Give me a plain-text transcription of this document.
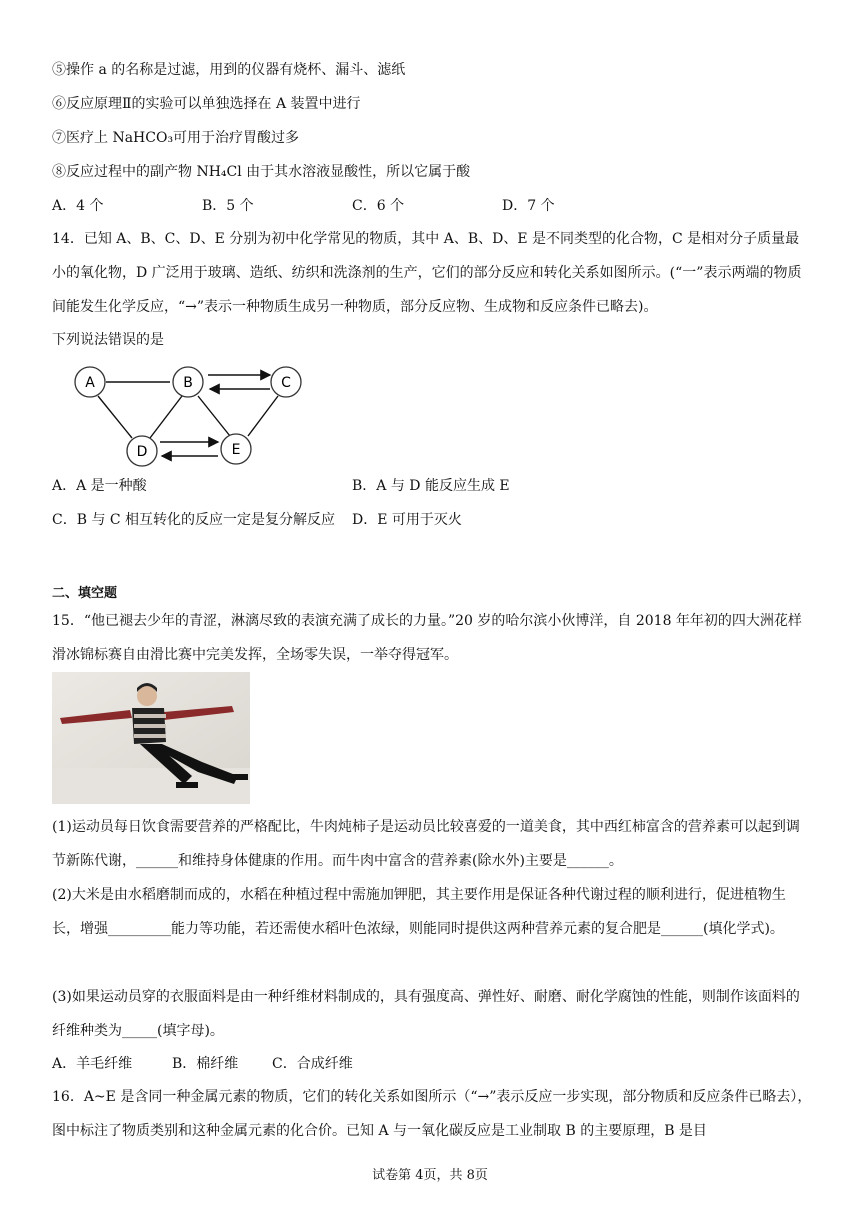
⑤操作 a 的名称是过滤，用到的仪器有烧杯、漏斗、滤纸
⑥反应原理Ⅱ的实验可以单独选择在 A 装置中进行
⑦医疗上 NaHCO₃可用于治疗胃酸过多
⑧反应过程中的副产物 NH₄Cl 由于其水溶液显酸性，所以它属于酸
A．4 个	B．5 个	C．6 个	D．7 个
14．已知 A、B、C、D、E 分别为初中化学常见的物质，其中 A、B、D、E 是不同类型的化合物，C 是相对分子质量最小的氧化物，D 广泛用于玻璃、造纸、纺织和洗涤剂的生产，它们的部分反应和转化关系如图所示。(“一”表示两端的物质间能发生化学反应，“→”表示一种物质生成另一种物质，部分反应物、生成物和反应条件已略去)。
下列说法错误的是
A	B	C
D	E
A．A 是一种酸	B．A 与 D 能反应生成 E
C．B 与 C 相互转化的反应一定是复分解反应 D．E 可用于灭火
二、填空题
15．“他已褪去少年的青涩，淋漓尽致的表演充满了成长的力量。”20 岁的哈尔滨小伙博洋，自 2018 年年初的四大洲花样滑冰锦标赛自由滑比赛中完美发挥，全场零失误，一举夺得冠军。
(1)运动员每日饮食需要营养的严格配比，牛肉炖柿子是运动员比较喜爱的一道美食，其中西红柿富含的营养素可以起到调节新陈代谢，______和维持身体健康的作用。而牛肉中富含的营养素(除水外)主要是______。
(2)大米是由水稻磨制而成的，水稻在种植过程中需施加钾肥，其主要作用是保证各种代谢过程的顺利进行，促进植物生长，增强_________能力等功能，若还需使水稻叶色浓绿，则能同时提供这两种营养元素的复合肥是______(填化学式)。
(3)如果运动员穿的衣服面料是由一种纤维材料制成的，具有强度高、弹性好、耐磨、耐化学腐蚀的性能，则制作该面料的纤维种类为_____(填字母)。
A．羊毛纤维	B．棉纤维 C．合成纤维
16．A~E 是含同一种金属元素的物质，它们的转化关系如图所示（“→”表示反应一步实现，部分物质和反应条件已略去），图中标注了物质类别和这种金属元素的化合价。已知 A 与一氧化碳反应是工业制取 B 的主要原理，B 是目
试卷第 4页，共 8页
